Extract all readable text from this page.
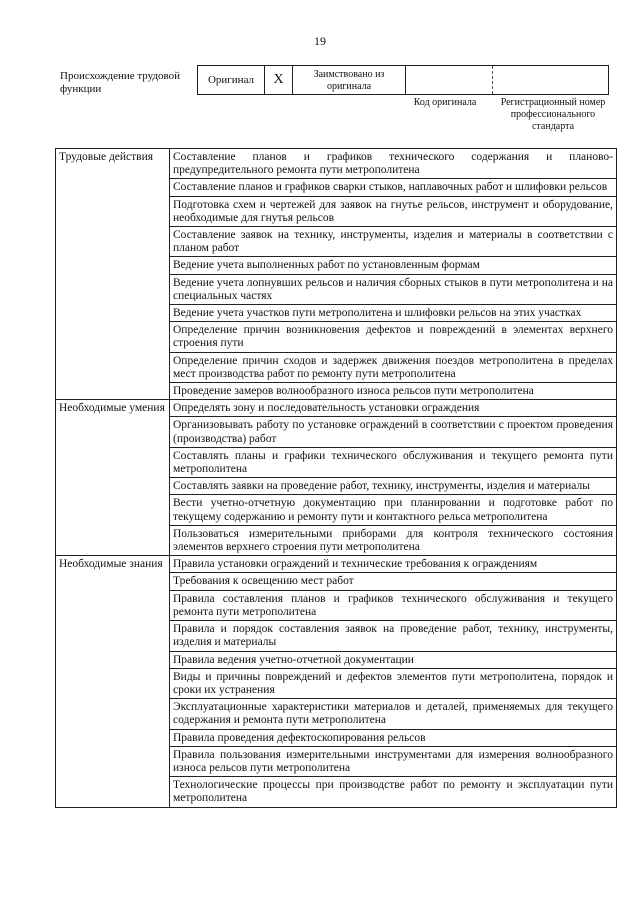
19
Происхождение трудовой функции
Оригинал	X	Заимствовано из оригинала
Код оригинала	Регистрационный номер профессионального стандарта
Трудовые действия	Составление планов и графиков технического содержания и планово-предупредительного ремонта пути метрополитена
	Составление планов и графиков сварки стыков, наплавочных работ и шлифовки рельсов
	Подготовка схем и чертежей для заявок на гнутье рельсов, инструмент и оборудование, необходимые для гнутья рельсов
	Составление заявок на технику, инструменты, изделия и материалы в соответствии с планом работ
	Ведение учета выполненных работ по установленным формам
	Ведение учета лопнувших рельсов и наличия сборных стыков в пути метрополитена и на специальных частях
	Ведение учета участков пути метрополитена и шлифовки рельсов на этих участках
	Определение причин возникновения дефектов и повреждений в элементах верхнего строения пути
	Определение причин сходов и задержек движения поездов метрополитена в пределах мест производства работ по ремонту пути метрополитена
	Проведение замеров волнообразного износа рельсов пути метрополитена
Необходимые умения	Определять зону и последовательность установки ограждения
	Организовывать работу по установке ограждений в соответствии с проектом проведения (производства) работ
	Составлять планы и графики технического обслуживания и текущего ремонта пути метрополитена
	Составлять заявки на проведение работ, технику, инструменты, изделия и материалы
	Вести учетно-отчетную документацию при планировании и подготовке работ по текущему содержанию и ремонту пути и контактного рельса метрополитена
	Пользоваться измерительными приборами для контроля технического состояния элементов верхнего строения пути метрополитена
Необходимые знания	Правила установки ограждений и технические требования к ограждениям
	Требования к освещению мест работ
	Правила составления планов и графиков технического обслуживания и текущего ремонта пути метрополитена
	Правила и порядок составления заявок на проведение работ, технику, инструменты, изделия и материалы
	Правила ведения учетно-отчетной документации
	Виды и причины повреждений и дефектов элементов пути метрополитена, порядок и сроки их устранения
	Эксплуатационные характеристики материалов и деталей, применяемых для текущего содержания и ремонта пути метрополитена
	Правила проведения дефектоскопирования рельсов
	Правила пользования измерительными инструментами для измерения волнообразного износа рельсов пути метрополитена
	Технологические процессы при производстве работ по ремонту и эксплуатации пути метрополитена
